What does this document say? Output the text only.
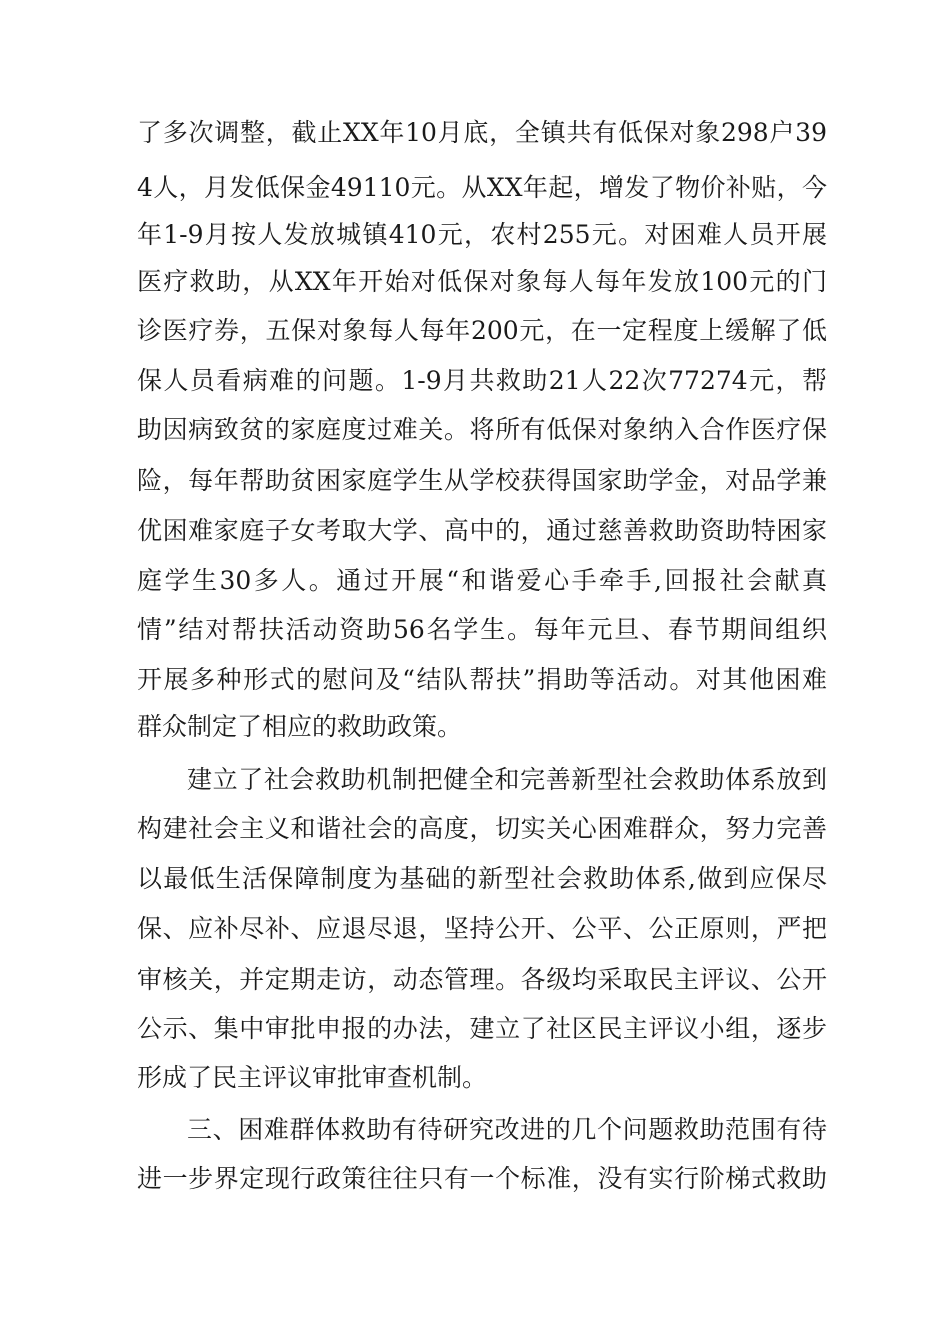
了多次调整，截止XX年10月底，全镇共有低保对象298户39
4人，月发低保金49110元。从XX年起，增发了物价补贴，今
年1-9月按人发放城镇410元，农村255元。对困难人员开展
医疗救助，从XX年开始对低保对象每人每年发放100元的门
诊医疗券，五保对象每人每年200元，在一定程度上缓解了低
保人员看病难的问题。1-9月共救助21人22次77274元，帮
助因病致贫的家庭度过难关。将所有低保对象纳入合作医疗保
险，每年帮助贫困家庭学生从学校获得国家助学金，对品学兼
优困难家庭子女考取大学、高中的，通过慈善救助资助特困家
庭学生30多人。通过开展“和谐爱心手牵手,回报社会献真
情”结对帮扶活动资助56名学生。每年元旦、春节期间组织
开展多种形式的慰问及“结队帮扶”捐助等活动。对其他困难
群众制定了相应的救助政策。
建立了社会救助机制把健全和完善新型社会救助体系放到
构建社会主义和谐社会的高度，切实关心困难群众，努力完善
以最低生活保障制度为基础的新型社会救助体系,做到应保尽
保、应补尽补、应退尽退，坚持公开、公平、公正原则，严把
审核关，并定期走访，动态管理。各级均采取民主评议、公开
公示、集中审批申报的办法，建立了社区民主评议小组，逐步
形成了民主评议审批审查机制。
三、困难群体救助有待研究改进的几个问题救助范围有待
进一步界定现行政策往往只有一个标准，没有实行阶梯式救助
